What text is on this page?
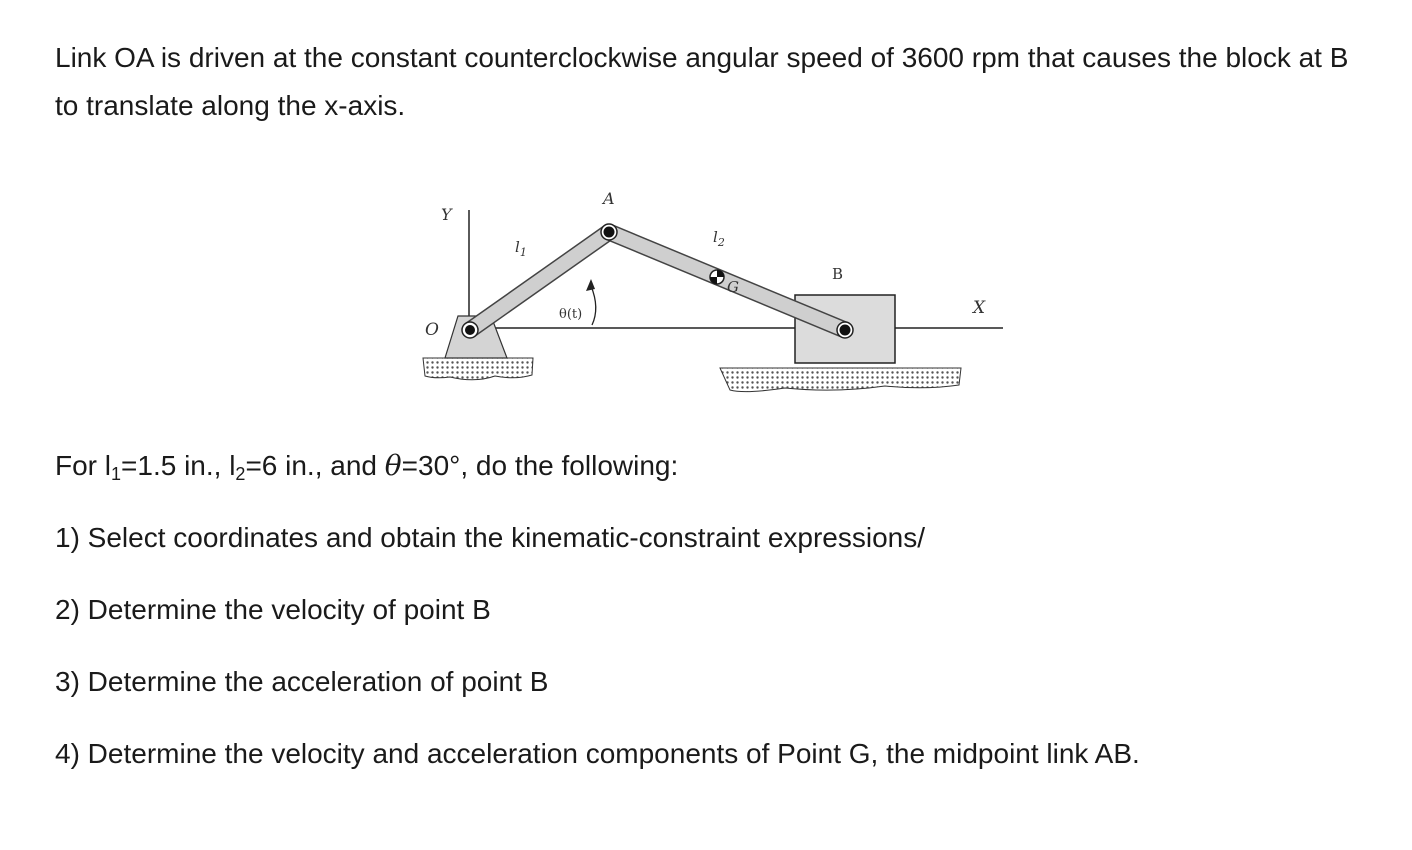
Link OA is driven at the constant counterclockwise angular speed of 3600 rpm that causes the block at B to translate along the x-axis.
Y
X
O
B
G
A
$l_1$
$l_2$
θ(t)
For $l_1=1.5$ in., $l_2=6$ in., and θ=30°, do the following:
1) Select coordinates and obtain the kinematic-constraint expressions/
2) Determine the velocity of point B
3) Determine the acceleration of point B
4) Determine the velocity and acceleration components of Point G, the midpoint link AB.
